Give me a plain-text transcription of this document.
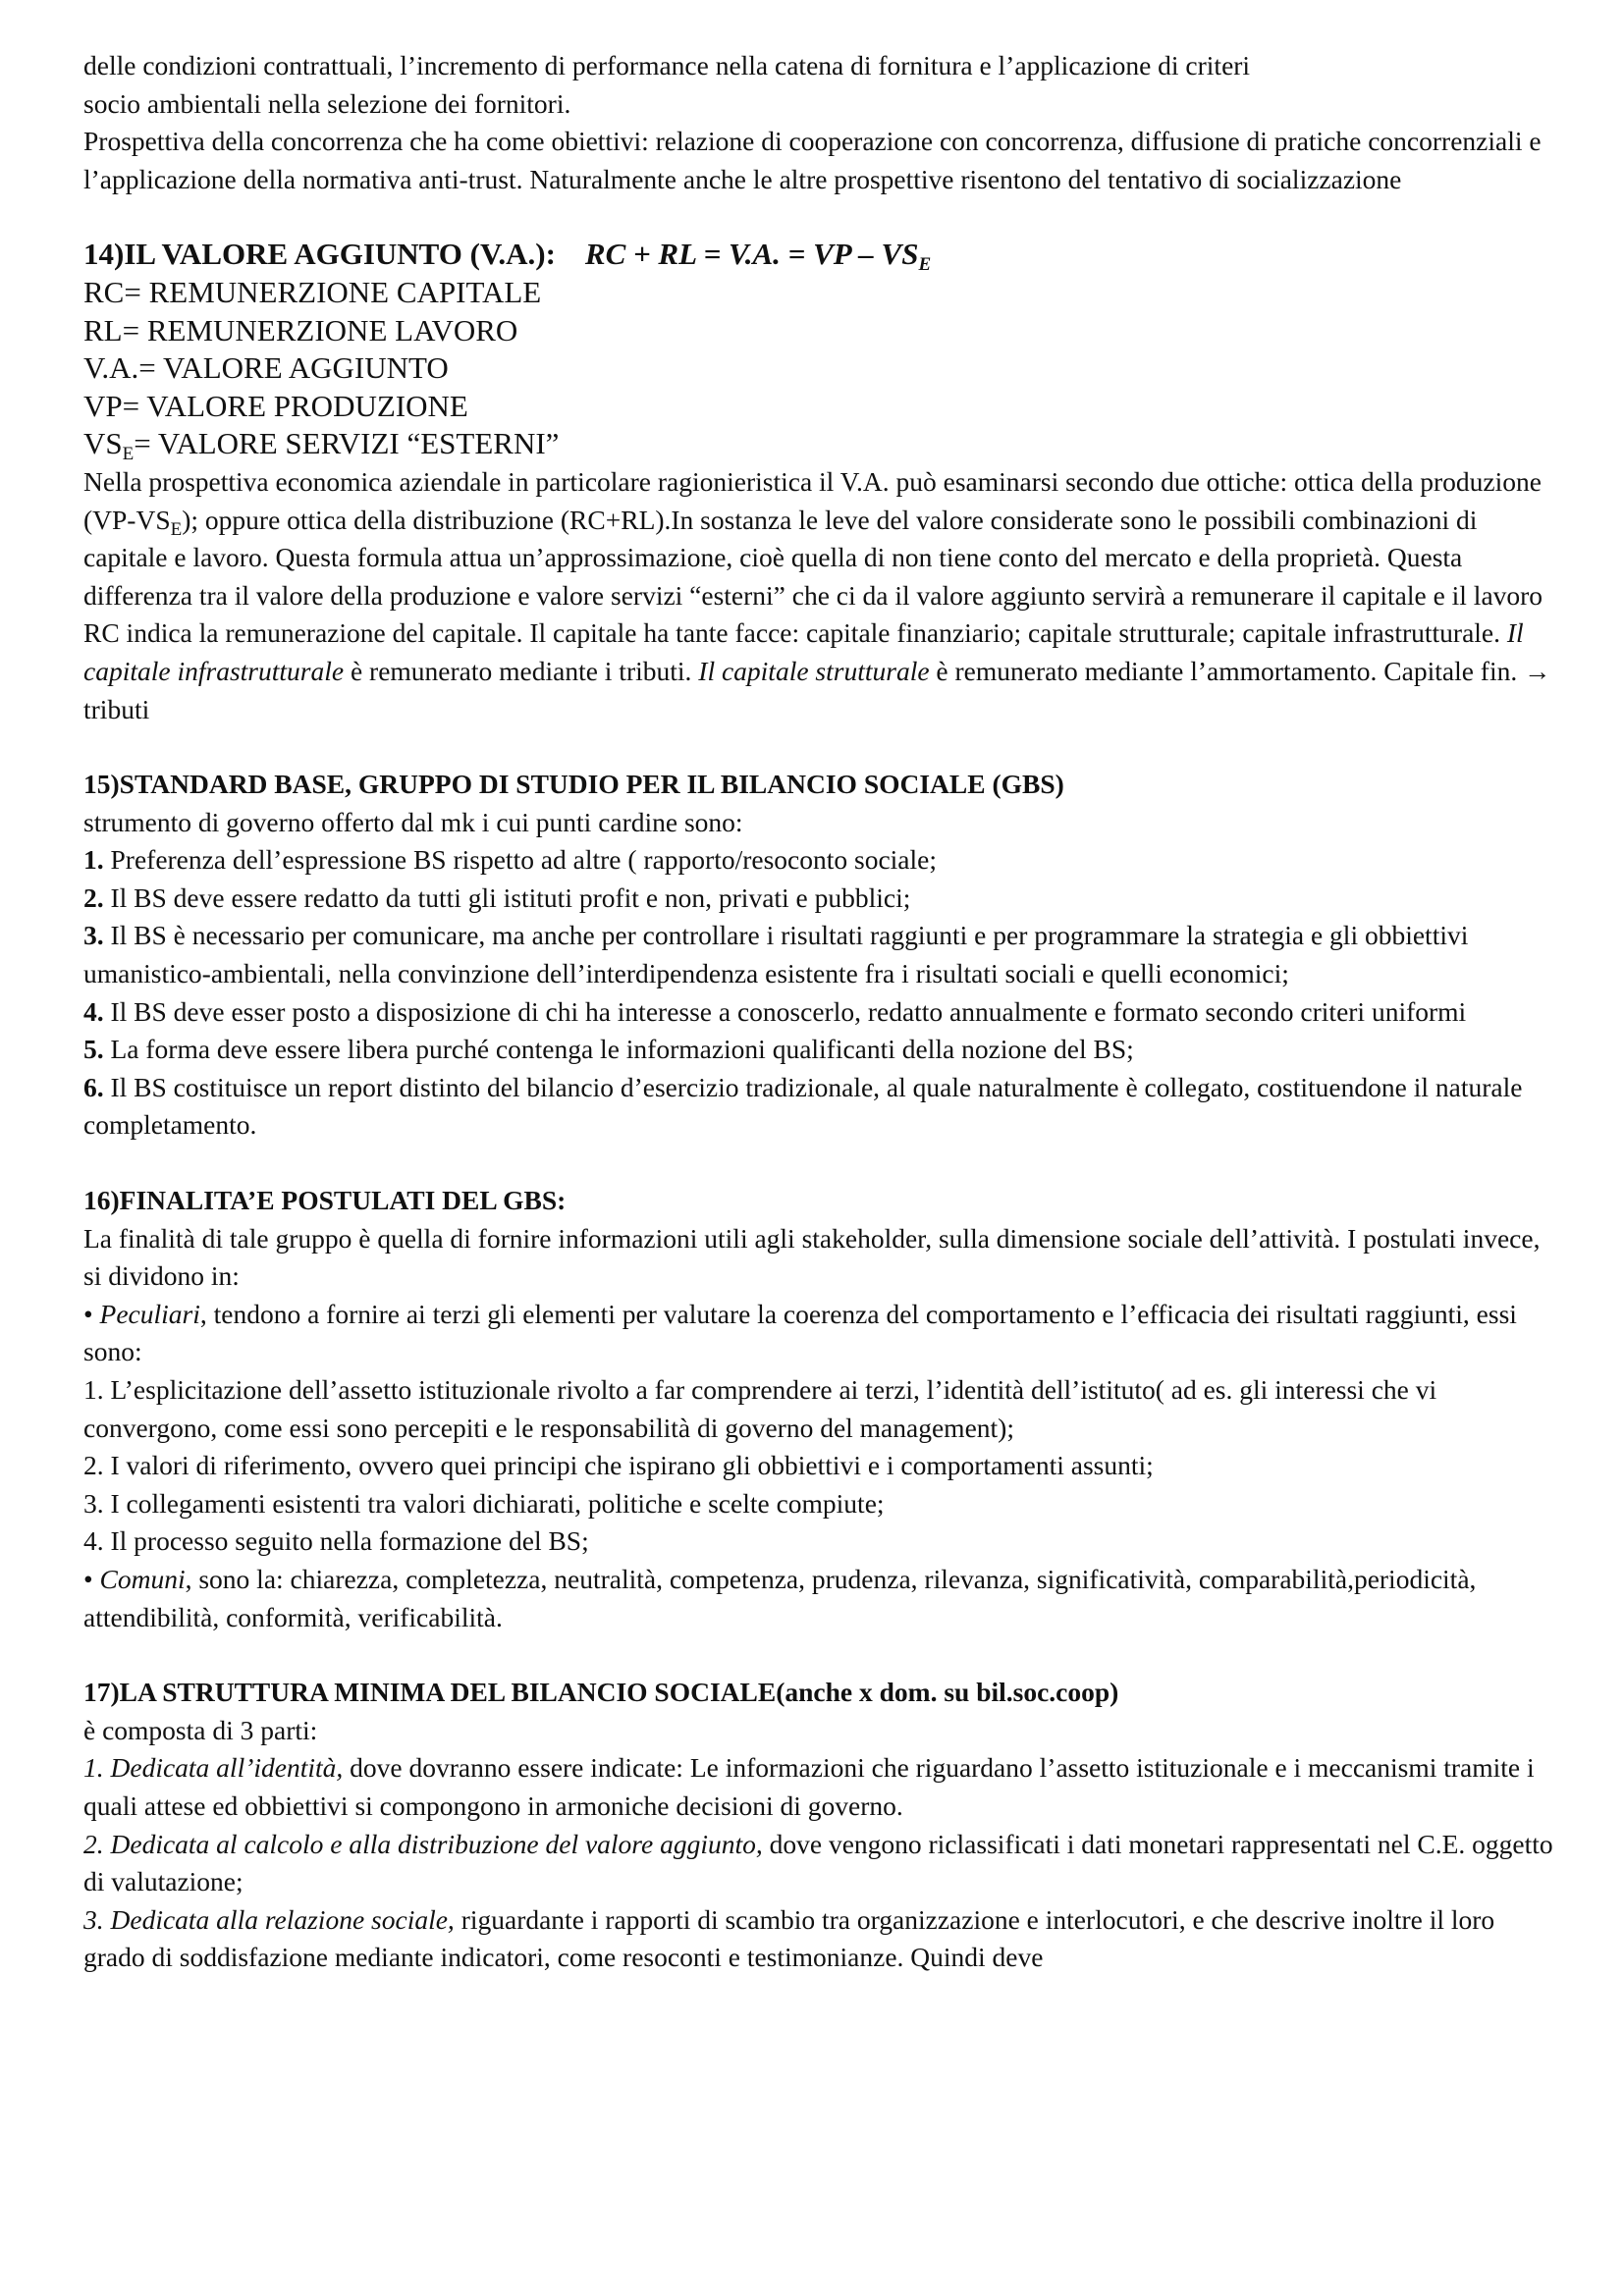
delle condizioni contrattuali, l’incremento di performance nella catena di fornitura e l’applicazione di criteri
socio ambientali nella selezione dei fornitori.

Prospettiva della concorrenza che ha come obiettivi: relazione di cooperazione con concorrenza, diffusione di pratiche concorrenziali e l’applicazione della normativa anti-trust. Naturalmente anche le altre prospettive risentono del tentativo di socializzazione

14)IL VALORE AGGIUNTO (V.A.): RC + RL = V.A. = VP – $VS_E$

RC= REMUNERZIONE CAPITALE

RL= REMUNERZIONE LAVORO

V.A.= VALORE AGGIUNTO

VP= VALORE PRODUZIONE

$VS_E=$ VALORE SERVIZI “ESTERNI”

Nella prospettiva economica aziendale in particolare ragionieristica il V.A. può esaminarsi secondo due ottiche: ottica della produzione $(VP-VS_E)$; oppure ottica della distribuzione (RC+RL).In sostanza le leve del valore considerate sono le possibili combinazioni di capitale e lavoro. Questa formula attua un’approssimazione, cioè quella di non tiene conto del mercato e della proprietà. Questa differenza tra il valore della produzione e valore servizi “esterni” che ci da il valore aggiunto servirà a remunerare il capitale e il lavoro RC indica la remunerazione del capitale. Il capitale ha tante facce: capitale finanziario; capitale strutturale; capitale infrastrutturale. Il capitale infrastrutturale è remunerato mediante i tributi. Il capitale strutturale è remunerato mediante l’ammortamento. Capitale fin. → tributi

15)STANDARD BASE, GRUPPO DI STUDIO PER IL BILANCIO SOCIALE (GBS)

strumento di governo offerto dal mk i cui punti cardine sono:

1. Preferenza dell’espressione BS rispetto ad altre ( rapporto/resoconto sociale;

2. Il BS deve essere redatto da tutti gli istituti profit e non, privati e pubblici;

3. Il BS è necessario per comunicare, ma anche per controllare i risultati raggiunti e per programmare la strategia e gli obbiettivi umanistico-ambientali, nella convinzione dell’interdipendenza esistente fra i risultati sociali e quelli economici;

4. Il BS deve esser posto a disposizione di chi ha interesse a conoscerlo, redatto annualmente e formato secondo criteri uniformi

5. La forma deve essere libera purché contenga le informazioni qualificanti della nozione del BS;

6. Il BS costituisce un report distinto del bilancio d’esercizio tradizionale, al quale naturalmente è collegato, costituendone il naturale completamento.

16)FINALITA’E POSTULATI DEL GBS:

La finalità di tale gruppo è quella di fornire informazioni utili agli stakeholder, sulla dimensione sociale dell’attività. I postulati invece, si dividono in:

• Peculiari, tendono a fornire ai terzi gli elementi per valutare la coerenza del comportamento e l’efficacia dei risultati raggiunti, essi sono:

1. L’esplicitazione dell’assetto istituzionale rivolto a far comprendere ai terzi, l’identità dell’istituto( ad es. gli interessi che vi convergono, come essi sono percepiti e le responsabilità di governo del management);

2. I valori di riferimento, ovvero quei principi che ispirano gli obbiettivi e i comportamenti assunti;

3. I collegamenti esistenti tra valori dichiarati, politiche e scelte compiute;

4. Il processo seguito nella formazione del BS;

• Comuni, sono la: chiarezza, completezza, neutralità, competenza, prudenza, rilevanza, significatività, comparabilità,periodicità, attendibilità, conformità, verificabilità.

17)LA STRUTTURA MINIMA DEL BILANCIO SOCIALE(anche x dom. su bil.soc.coop)

è composta di 3 parti:

1. Dedicata all’identità, dove dovranno essere indicate: Le informazioni che riguardano l’assetto istituzionale e i meccanismi tramite i quali attese ed obbiettivi si compongono in armoniche decisioni di governo.

2. Dedicata al calcolo e alla distribuzione del valore aggiunto, dove vengono riclassificati i dati monetari rappresentati nel C.E. oggetto di valutazione;

3. Dedicata alla relazione sociale, riguardante i rapporti di scambio tra organizzazione e interlocutori, e che descrive inoltre il loro grado di soddisfazione mediante indicatori, come resoconti e testimonianze. Quindi deve
